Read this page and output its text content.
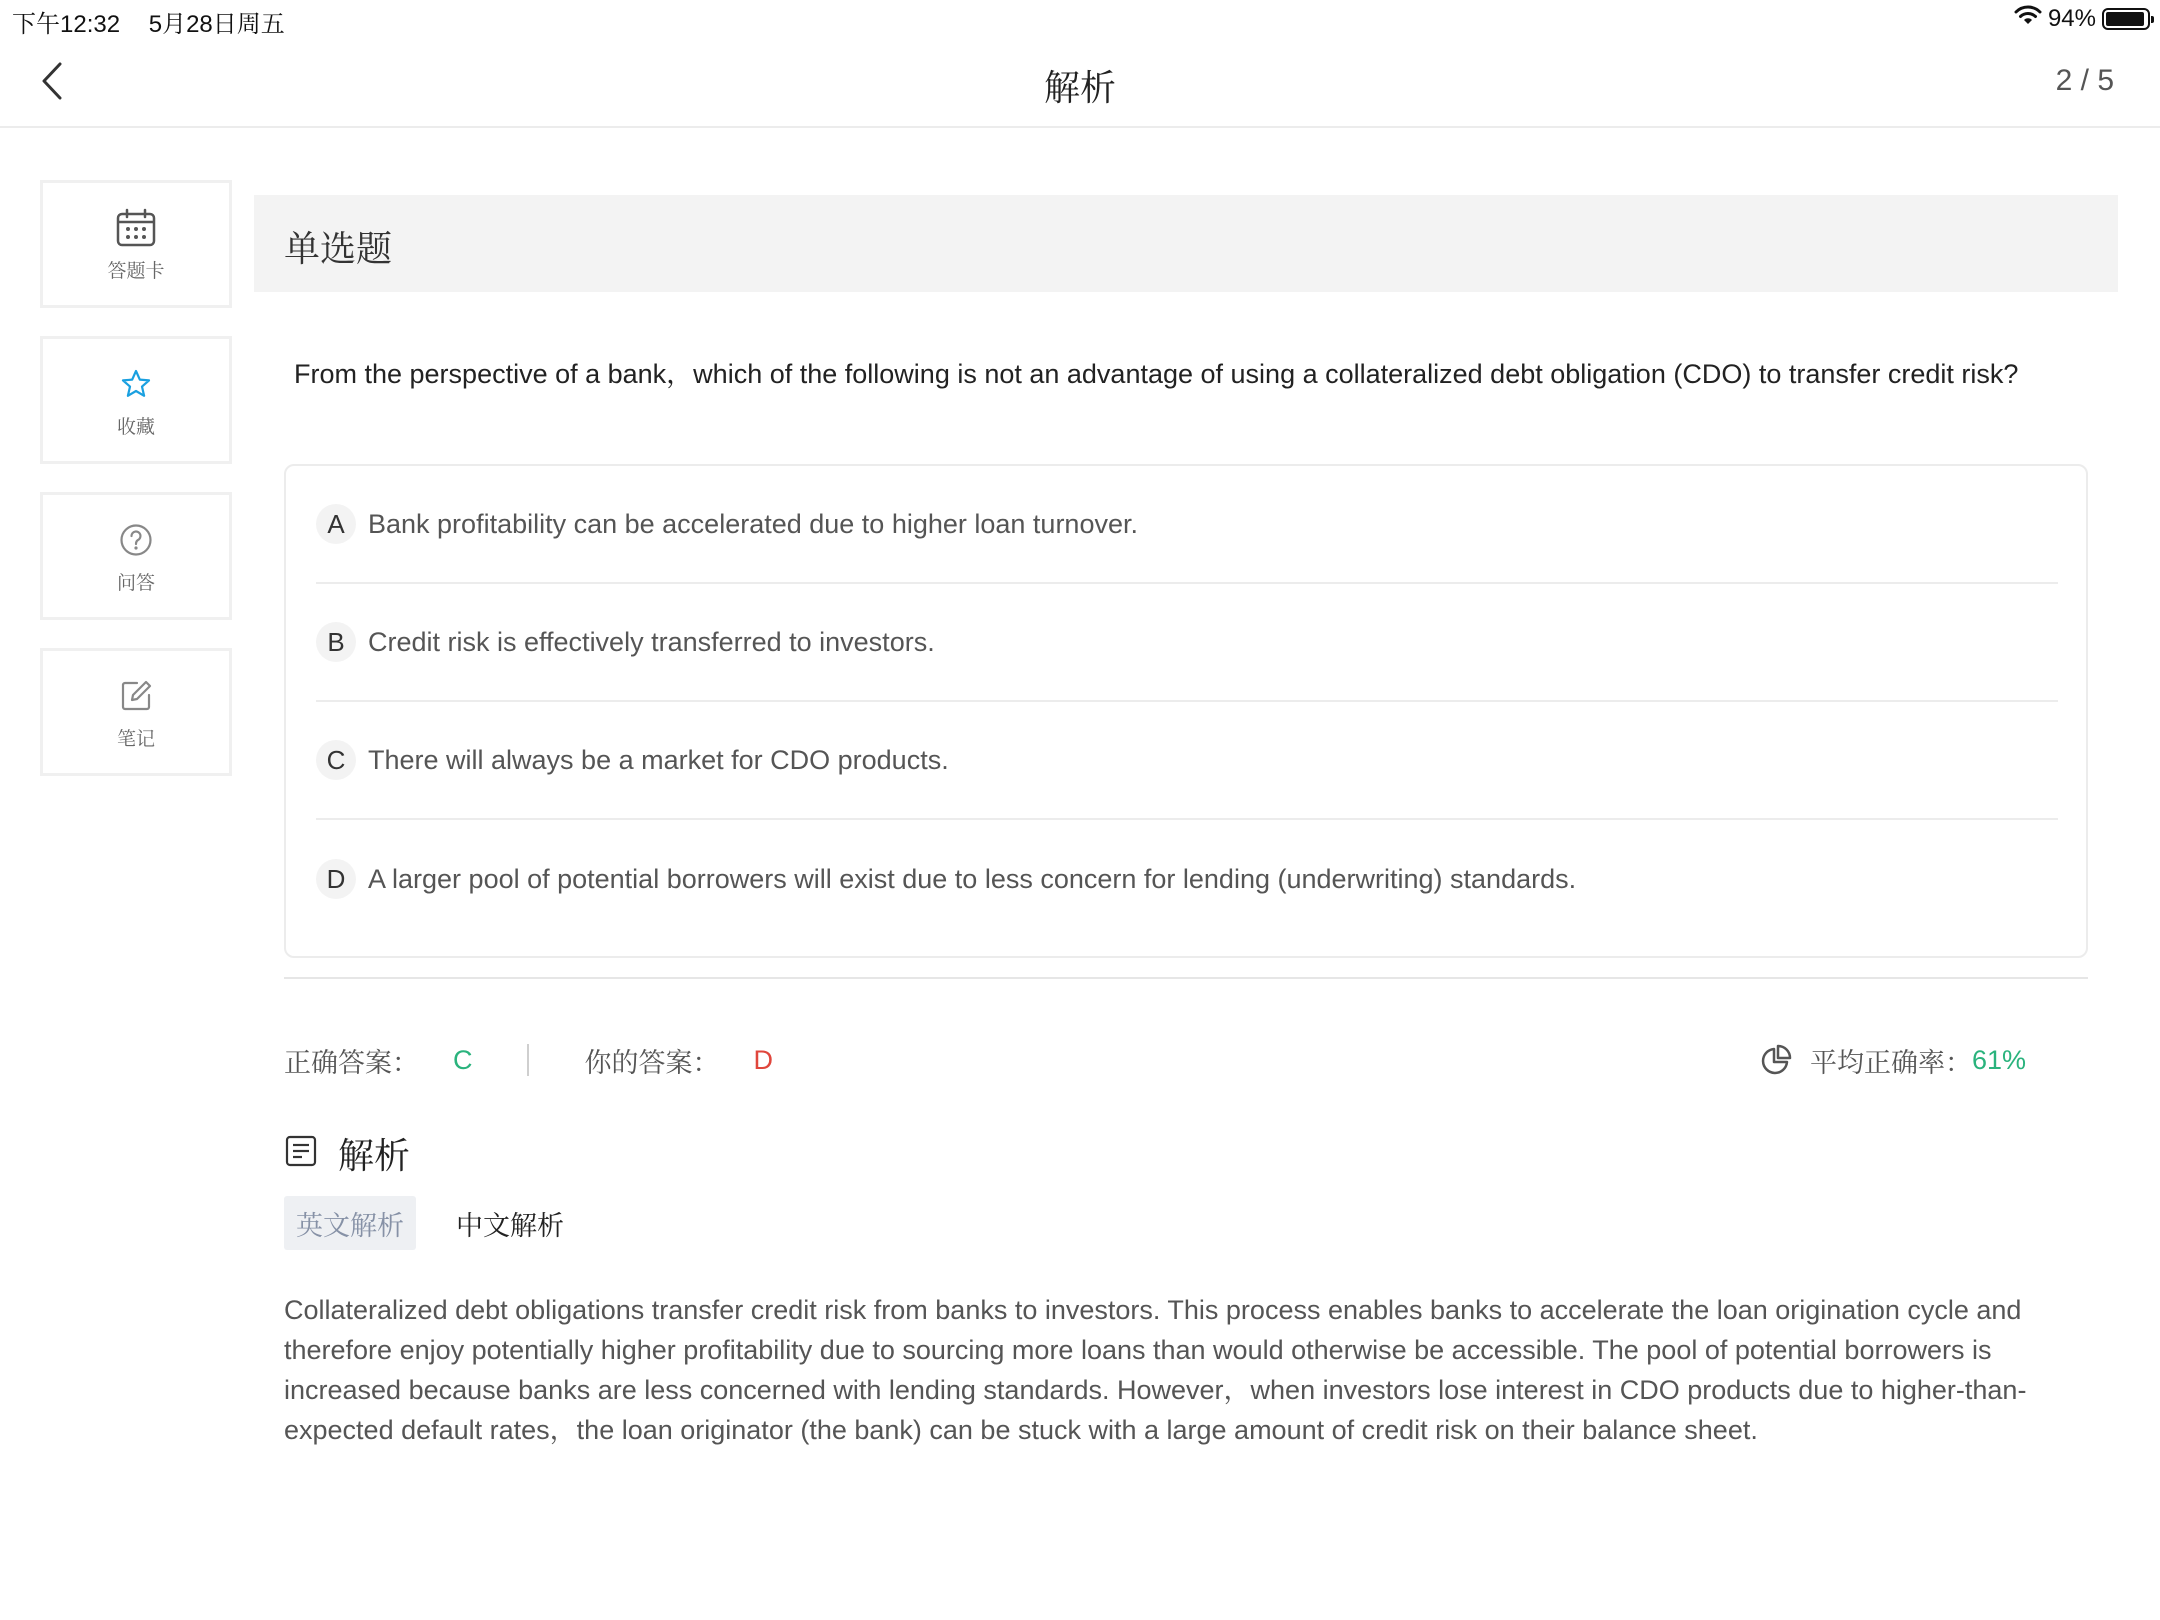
下午12:32 5月28日周五	94%
解析	2 / 5
答题卡
收藏
问答
笔记
单选题
From the perspective of a bank，which of the following is not an advantage of using a collateralized debt obligation (CDO) to transfer credit risk?
A Bank profitability can be accelerated due to higher loan turnover.
B Credit risk is effectively transferred to investors.
C There will always be a market for CDO products.
D A larger pool of potential borrowers will exist due to less concern for lending (underwriting) standards.
正确答案： C	你的答案： D	平均正确率： 61%
解析
英文解析	中文解析
Collateralized debt obligations transfer credit risk from banks to investors. This process enables banks to accelerate the loan origination cycle and therefore enjoy potentially higher profitability due to sourcing more loans than would otherwise be accessible. The pool of potential borrowers is increased because banks are less concerned with lending standards. However，when investors lose interest in CDO products due to higher-than-expected default rates，the loan originator (the bank) can be stuck with a large amount of credit risk on their balance sheet.
